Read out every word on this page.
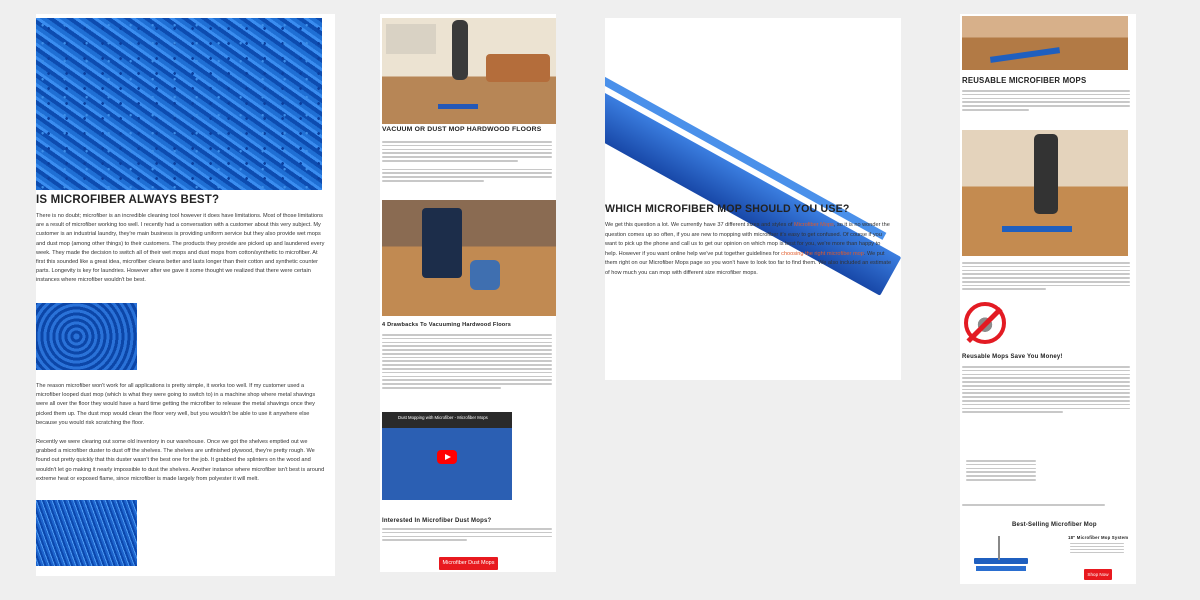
IS MICROFIBER ALWAYS BEST?
There is no doubt; microfiber is an incredible cleaning tool however it does have limitations. Most of those limitations are a result of microfiber working too well. I recently had a conversation with a customer about this very subject. My customer is an industrial laundry, they're main business is providing uniform service but they also provide wet mops and dust mop (among other things) to their customers. The products they provide are picked up and laundered every week. They made the decision to switch all of their wet mops and dust mops from cotton/synthetic to microfiber. At first this sounded like a great idea, microfiber cleans better and lasts longer than their cotton and synthetic counter parts. Longevity is key for laundries. However after we gave it some thought we realized that there were certain instances where microfiber wouldn't be best.
The reason microfiber won't work for all applications is pretty simple, it works too well. If my customer used a microfiber looped dust mop (which is what they were going to switch to) in a machine shop where metal shavings were all over the floor they would have a hard time getting the microfiber to release the metal shavings once they picked them up. The dust mop would clean the floor very well, but you wouldn't be able to use it anywhere else because you would risk scratching the floor.
Recently we were clearing out some old inventory in our warehouse. Once we got the shelves emptied out we grabbed a microfiber duster to dust off the shelves. The shelves are unfinished plywood, they're pretty rough. We found out pretty quickly that this duster wasn't the best one for the job. It grabbed the splinters on the wood and wouldn't let go making it nearly impossible to dust the shelves. Another instance where microfiber isn't best is around extreme heat or exposed flame, since microfiber is made largely from polyester it will melt.
VACUUM OR DUST MOP HARDWOOD FLOORS
4 Drawbacks To Vacuuming Hardwood Floors
Dust Mopping with Microfiber - Microfiber Mops
Interested In Microfiber Dust Mops?
Microfiber Dust Mops
WHICH MICROFIBER MOP SHOULD YOU USE?
We get this question a lot. We currently have 37 different sizes and styles of Microfiber Mops, so it is no wonder the question comes up so often, if you are new to mopping with microfiber it's easy to get confused. Of course if you want to pick up the phone and call us to get our opinion on which mop is best for you, we're more than happy to help. However if you want online help we've put together guidelines for choosing the right microfiber mop. We put them right on our Microfiber Mops page so you won't have to look too far to find them. We also included an estimate of how much you can mop with different size microfiber mops.
REUSABLE MICROFIBER MOPS
Reusable Mops Save You Money!
Best-Selling Microfiber Mop
18" Microfiber Mop System
Shop Now
